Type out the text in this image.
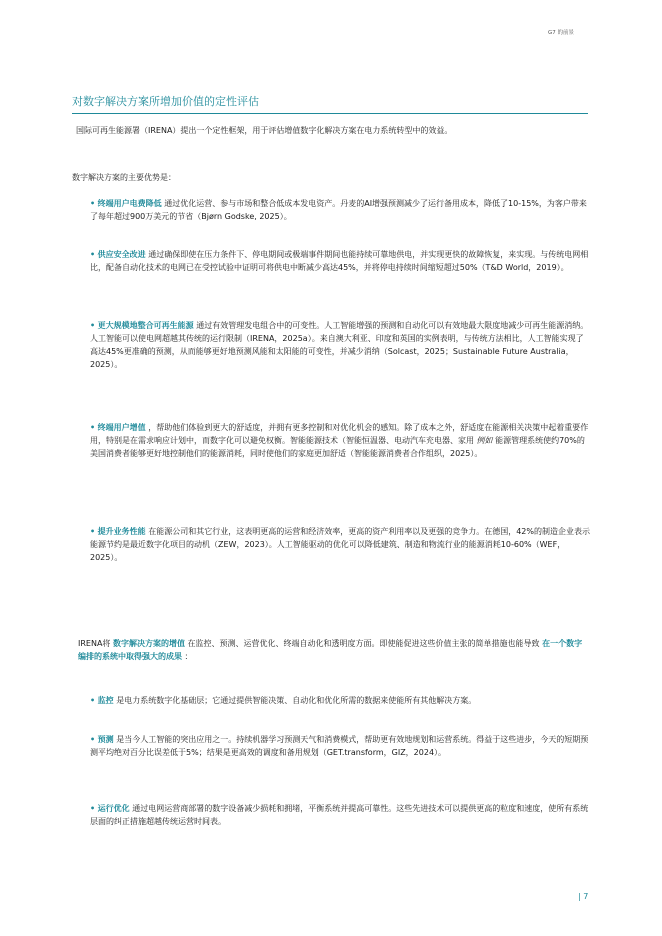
G7 的前景
对数字解决方案所增加价值的定性评估
国际可再生能源署（IRENA）提出一个定性框架，用于评估增值数字化解决方案在电力系统转型中的效益。
数字解决方案的主要优势是：
• 终端用户电费降低 通过优化运营、参与市场和整合低成本发电资产。丹麦的AI增强预测减少了运行备用成本，降低了10-15%，为客户带来了每年超过900万美元的节省（Bjørn Godske, 2025）。
• 供应安全改进 通过确保即使在压力条件下、停电期间或极端事件期间也能持续可靠地供电，并实现更快的故障恢复，来实现。与传统电网相比，配备自动化技术的电网已在受控试验中证明可将供电中断减少高达45%，并将停电持续时间缩短超过50%（T&D World，2019）。
• 更大规模地整合可再生能源 通过有效管理发电组合中的可变性。人工智能增强的预测和自动化可以有效地最大限度地减少可再生能源消纳。人工智能可以使电网超越其传统的运行限制（IRENA，2025a）。来自澳大利亚、印度和英国的实例表明，与传统方法相比，人工智能实现了高达45%更准确的预测，从而能够更好地预测风能和太阳能的可变性，并减少消纳（Solcast，2025；Sustainable Future Australia，2025）。
• 终端用户增值 ，帮助他们体验到更大的舒适度，并拥有更多控制和对优化机会的感知。除了成本之外，舒适度在能源相关决策中起着重要作用，特别是在需求响应计划中，而数字化可以避免权衡。智能能源技术（智能恒温器、电动汽车充电器、家用 例如 能源管理系统使约70%的美国消费者能够更好地控制他们的能源消耗，同时使他们的家庭更加舒适（智能能源消费者合作组织，2025）。
• 提升业务性能 在能源公司和其它行业，这表明更高的运营和经济效率，更高的资产利用率以及更强的竞争力。在德国，42%的制造企业表示能源节约是最近数字化项目的动机（ZEW，2023）。人工智能驱动的优化可以降低建筑、制造和物流行业的能源消耗10-60%（WEF，2025）。
IRENA将 数字解决方案的增值 在监控、预测、运营优化、终端自动化和透明度方面。即使能促进这些价值主张的简单措施也能导致 在一个数字编排的系统中取得强大的成果 ：
• 监控 是电力系统数字化基础层；它通过提供智能决策、自动化和优化所需的数据来使能所有其他解决方案。
• 预测 是当今人工智能的突出应用之一。持续机器学习预测天气和消费模式，帮助更有效地规划和运营系统。得益于这些进步，今天的短期预测平均绝对百分比误差低于5%；结果是更高效的调度和备用规划（GET.transform，GIZ，2024）。
• 运行优化 通过电网运营商部署的数字设备减少损耗和拥堵，平衡系统并提高可靠性。这些先进技术可以提供更高的粒度和速度，使所有系统层面的纠正措施超越传统运营时间表。
| 7
